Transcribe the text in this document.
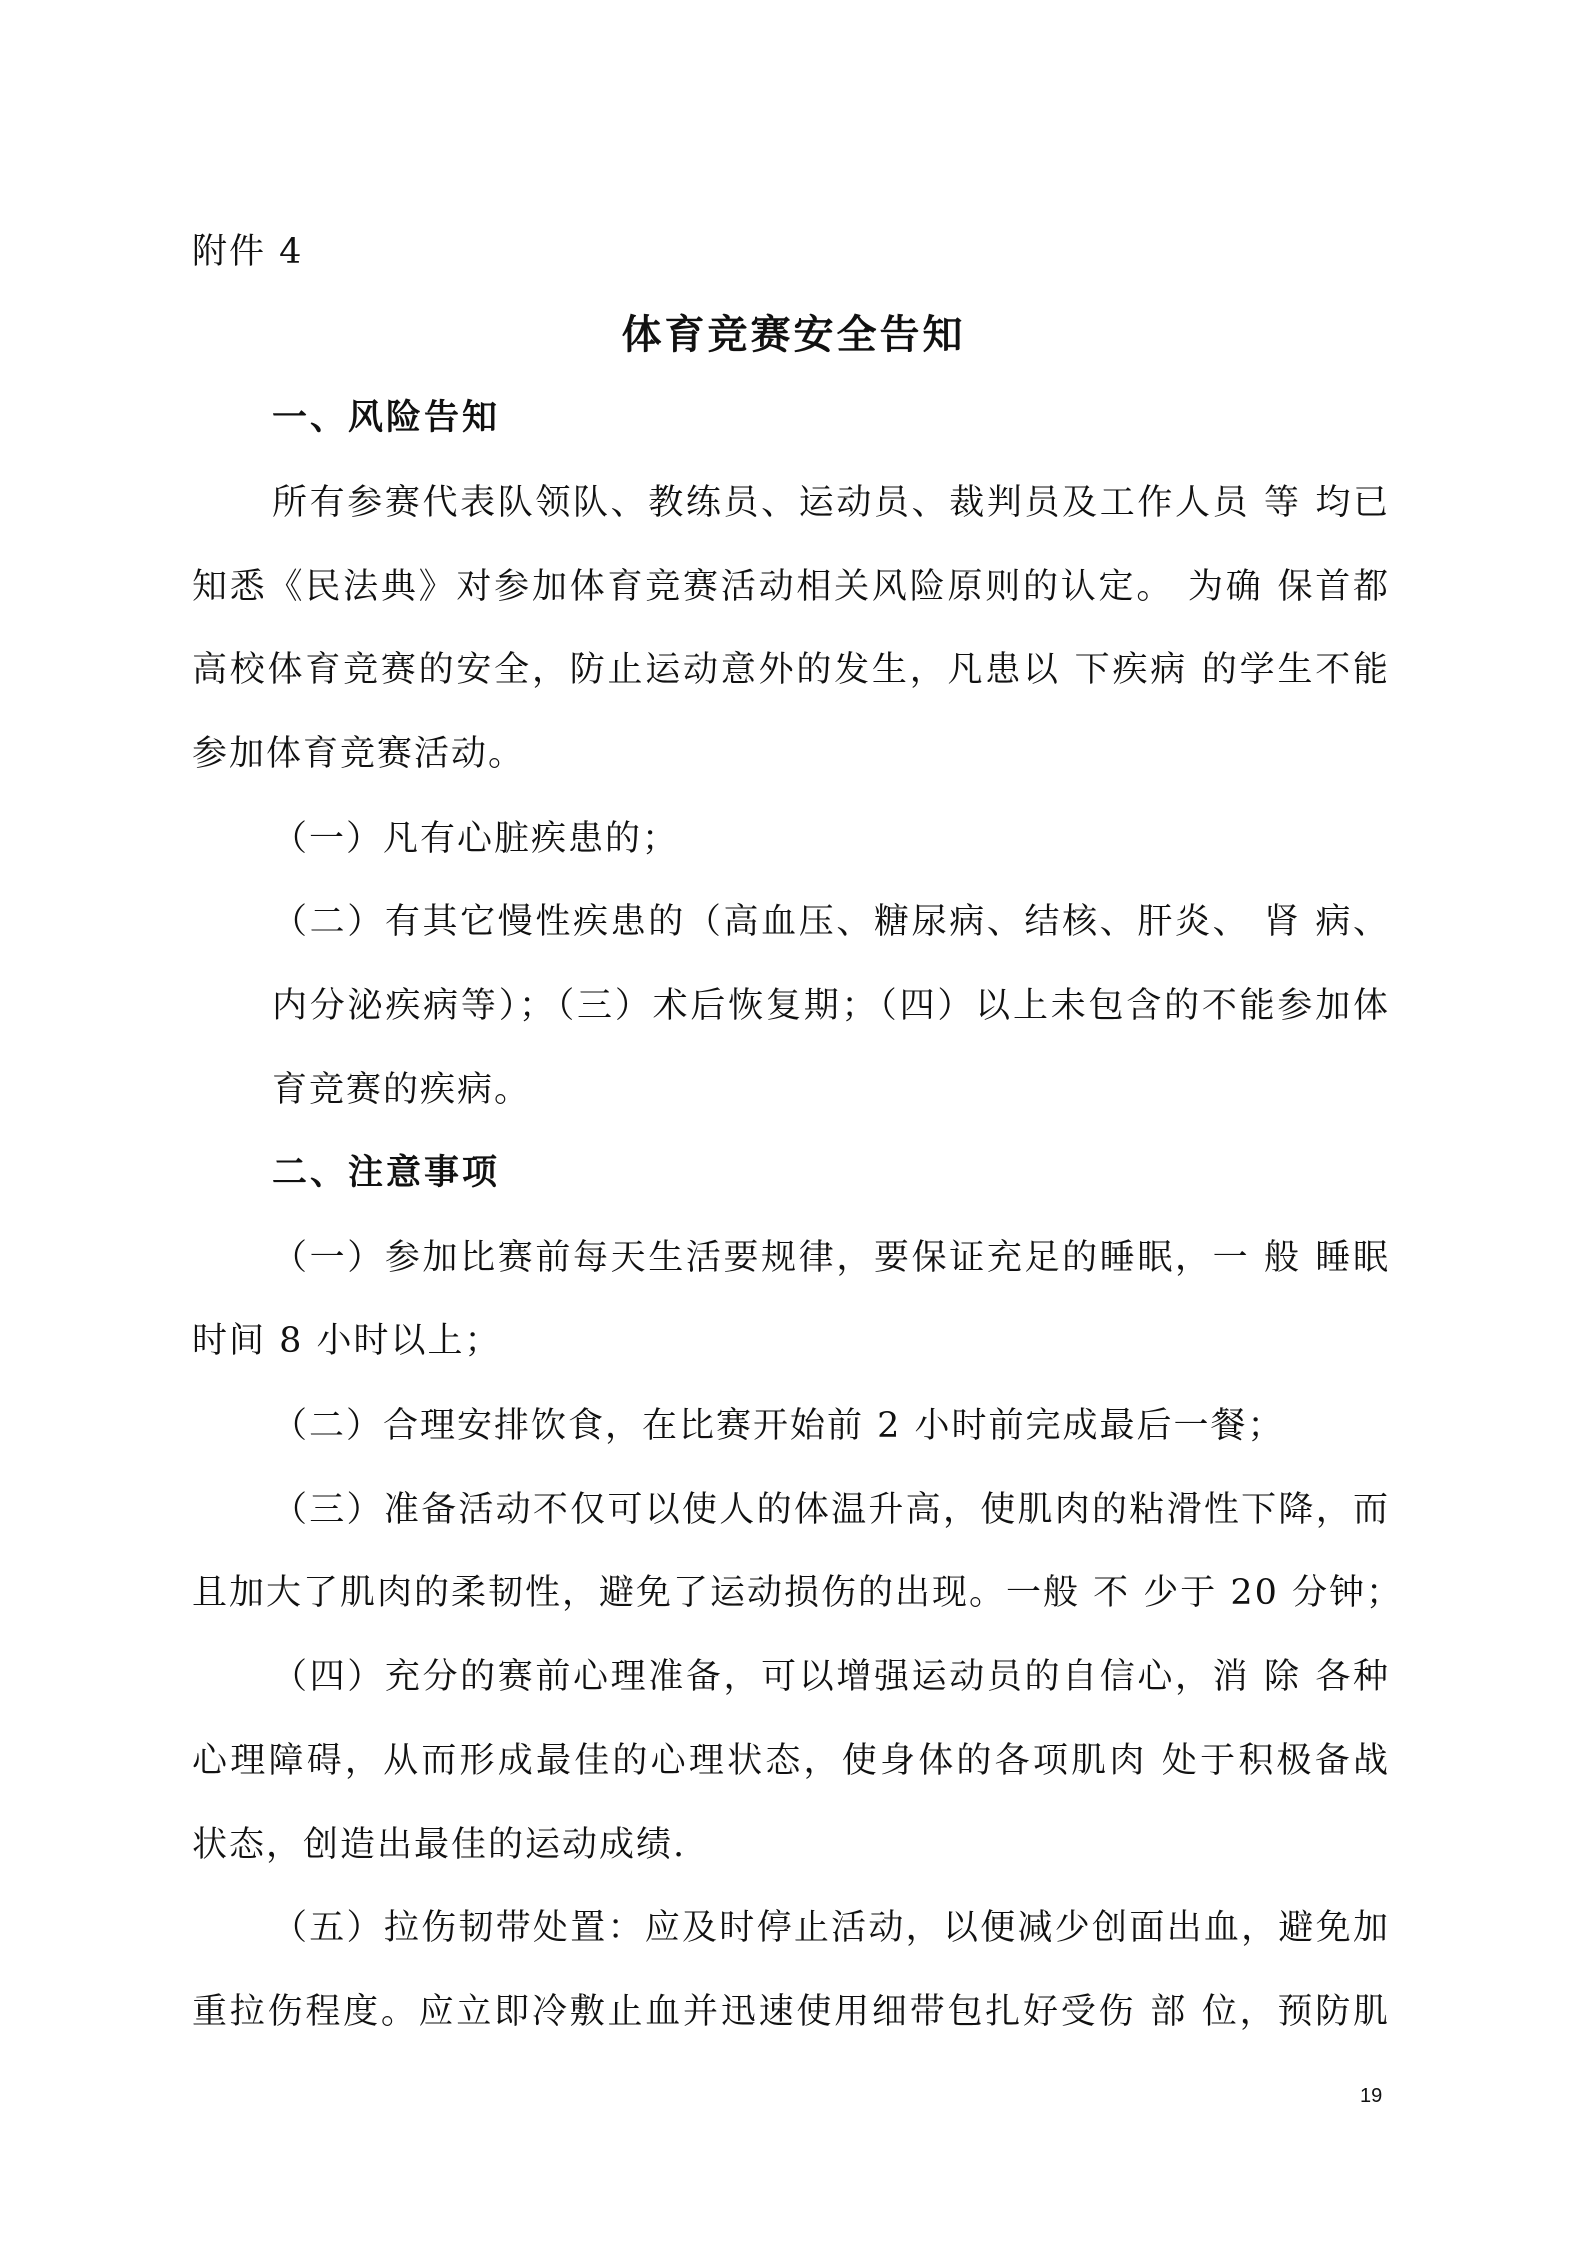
附件 4
体育竞赛安全告知
一、风险告知
所有参赛代表队领队、教练员、运动员、裁判员及工作人员 等 均已
知悉《民法典》对参加体育竞赛活动相关风险原则的认定。 为确 保首都
高校体育竞赛的安全，防止运动意外的发生，凡患以 下疾病 的学生不能
参加体育竞赛活动。
（一）凡有心脏疾患的；
（二）有其它慢性疾患的（高血压、糖尿病、结核、肝炎、 肾 病、
内分泌疾病等）；（三）术后恢复期；（四）以上未包含的不能参加体
育竞赛的疾病。
二、注意事项
（一）参加比赛前每天生活要规律，要保证充足的睡眠，一 般 睡眠
时间 8 小时以上；
（二）合理安排饮食，在比赛开始前 2 小时前完成最后一餐；
（三）准备活动不仅可以使人的体温升高，使肌肉的粘滑性下降，而
且加大了肌肉的柔韧性，避免了运动损伤的出现。一般 不 少于 20 分钟；
（四）充分的赛前心理准备，可以增强运动员的自信心，消 除 各种
心理障碍，从而形成最佳的心理状态，使身体的各项肌肉 处于积极备战
状态，创造出最佳的运动成绩.
（五）拉伤韧带处置：应及时停止活动，以便减少创面出血，避免加
重拉伤程度。应立即冷敷止血并迅速使用细带包扎好受伤 部 位，预防肌
19
